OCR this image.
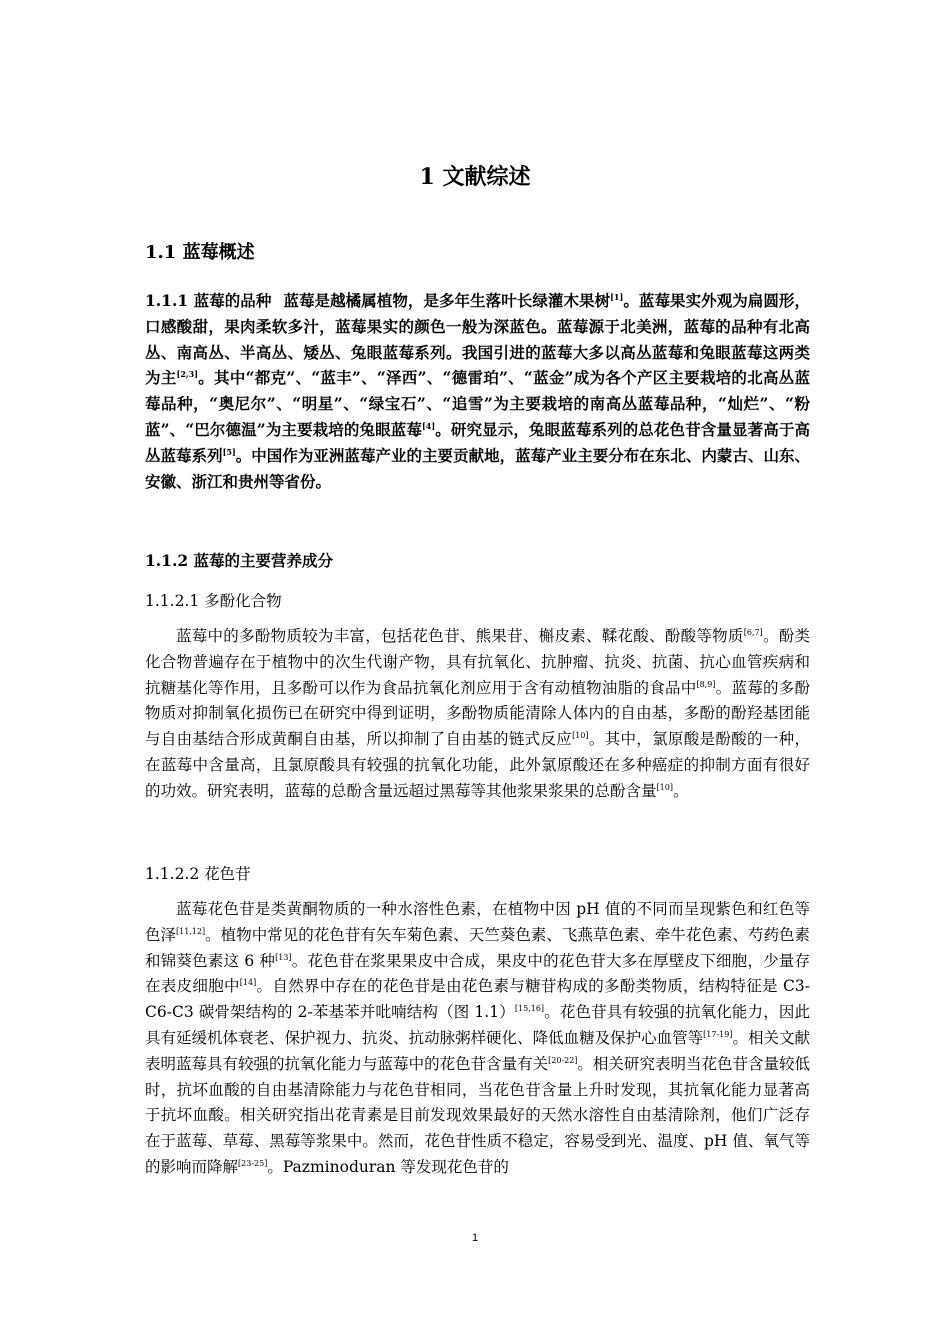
1 文献综述
1.1 蓝莓概述

1.1.1 蓝莓的品种 蓝莓是越橘属植物，是多年生落叶长绿灌木果树[1]。蓝莓果实外观为扁圆形，口感酸甜，果肉柔软多汁，蓝莓果实的颜色一般为深蓝色。蓝莓源于北美洲，蓝莓的品种有北高丛、南高丛、半高丛、矮丛、兔眼蓝莓系列。我国引进的蓝莓大多以高丛蓝莓和兔眼蓝莓这两类为主[2,3]。其中“都克”、“蓝丰”、“泽西”、“德雷珀”、“蓝金”成为各个产区主要栽培的北高丛蓝莓品种，“奥尼尔”、“明星”、“绿宝石”、“追雪”为主要栽培的南高丛蓝莓品种，“灿烂”、“粉蓝”、“巴尔德温”为主要栽培的兔眼蓝莓[4]。研究显示，兔眼蓝莓系列的总花色苷含量显著高于高丛蓝莓系列[5]。中国作为亚洲蓝莓产业的主要贡献地，蓝莓产业主要分布在东北、内蒙古、山东、安徽、浙江和贵州等省份。

1.1.2 蓝莓的主要营养成分
1.1.2.1 多酚化合物

蓝莓中的多酚物质较为丰富，包括花色苷、熊果苷、槲皮素、鞣花酸、酚酸等物质[6,7]。酚类化合物普遍存在于植物中的次生代谢产物，具有抗氧化、抗肿瘤、抗炎、抗菌、抗心血管疾病和抗糖基化等作用，且多酚可以作为食品抗氧化剂应用于含有动植物油脂的食品中[8,9]。蓝莓的多酚物质对抑制氧化损伤已在研究中得到证明，多酚物质能清除人体内的自由基，多酚的酚羟基团能与自由基结合形成黄酮自由基，所以抑制了自由基的链式反应[10]。其中，氯原酸是酚酸的一种，在蓝莓中含量高，且氯原酸具有较强的抗氧化功能，此外氯原酸还在多种癌症的抑制方面有很好的功效。研究表明，蓝莓的总酚含量远超过黑莓等其他浆果浆果的总酚含量[10]。

1.1.2.2 花色苷

蓝莓花色苷是类黄酮物质的一种水溶性色素，在植物中因 pH 值的不同而呈现紫色和红色等色泽[11,12]。植物中常见的花色苷有矢车菊色素、天竺葵色素、飞燕草色素、牵牛花色素、芍药色素和锦葵色素这 6 种[13]。花色苷在浆果果皮中合成，果皮中的花色苷大多在厚壁皮下细胞，少量存在表皮细胞中[14]。自然界中存在的花色苷是由花色素与糖苷构成的多酚类物质，结构特征是 C3-C6-C3 碳骨架结构的 2-苯基苯并吡喃结构（图 1.1）[15,16]。花色苷具有较强的抗氧化能力，因此具有延缓机体衰老、保护视力、抗炎、抗动脉粥样硬化、降低血糖及保护心血管等[17-19]。相关文献表明蓝莓具有较强的抗氧化能力与蓝莓中的花色苷含量有关[20-22]。相关研究表明当花色苷含量较低时，抗坏血酸的自由基清除能力与花色苷相同，当花色苷含量上升时发现，其抗氧化能力显著高于抗坏血酸。相关研究指出花青素是目前发现效果最好的天然水溶性自由基清除剂，他们广泛存在于蓝莓、草莓、黑莓等浆果中。然而，花色苷性质不稳定，容易受到光、温度、pH 值、氧气等的影响而降解[23-25]。Pazminoduran 等发现花色苷的

1
